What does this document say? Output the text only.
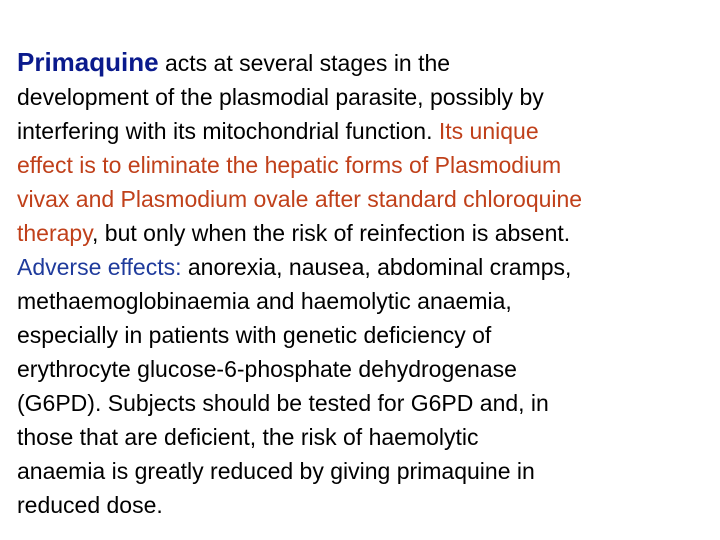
Primaquine acts at several stages in the
development of the plasmodial parasite, possibly by
interfering with its mitochondrial function. Its unique
effect is to eliminate the hepatic forms of Plasmodium
vivax and Plasmodium ovale after standard chloroquine
therapy, but only when the risk of reinfection is absent.
Adverse effects: anorexia, nausea, abdominal cramps,
methaemoglobinaemia and haemolytic anaemia,
especially in patients with genetic deficiency of
erythrocyte glucose-6-phosphate dehydrogenase
(G6PD). Subjects should be tested for G6PD and, in
those that are deficient, the risk of haemolytic
anaemia is greatly reduced by giving primaquine in
reduced dose.
